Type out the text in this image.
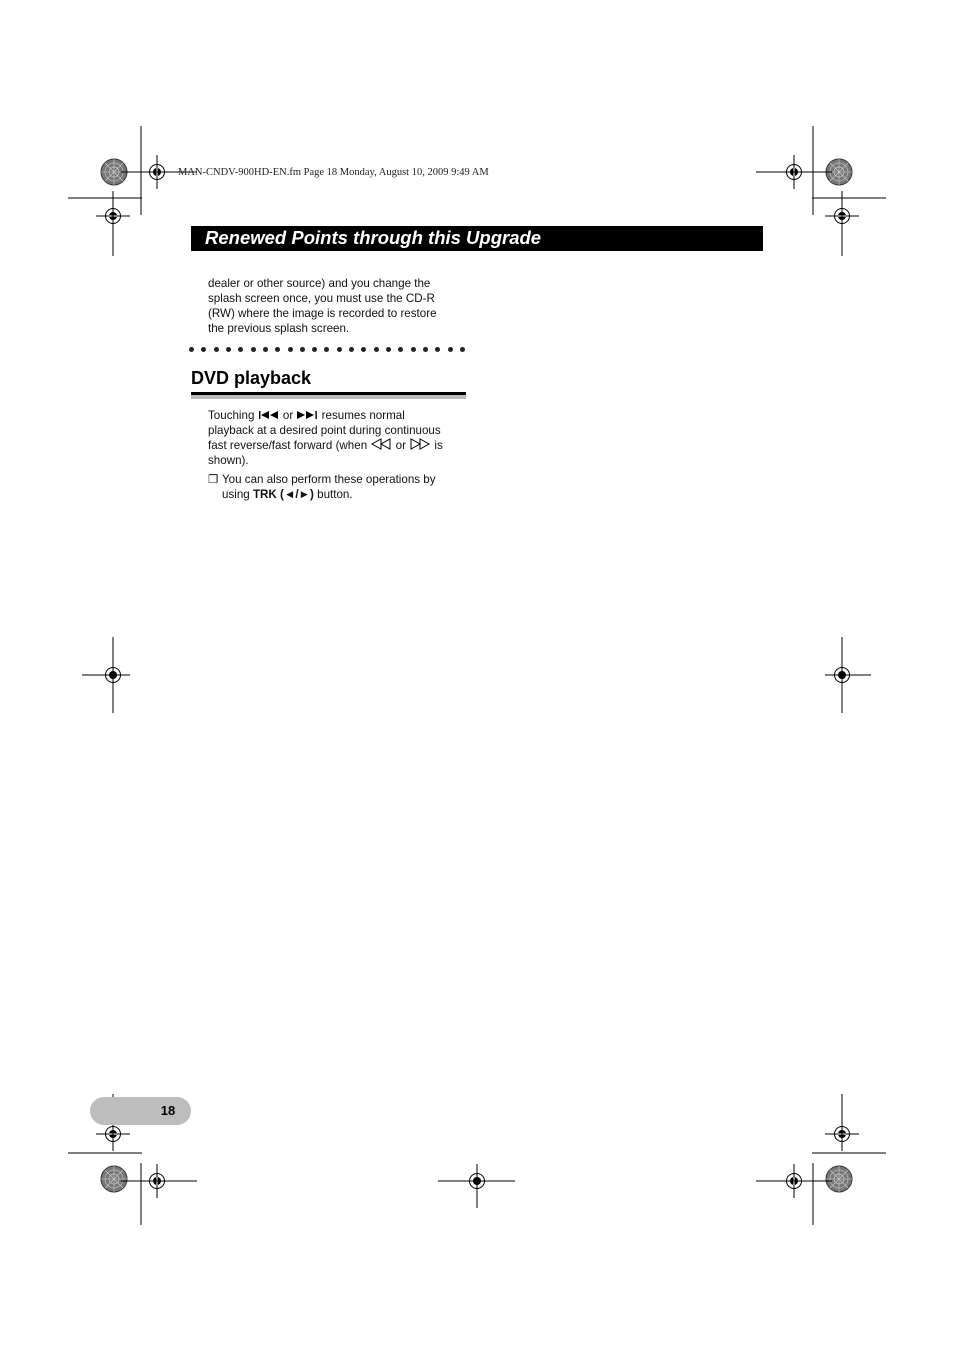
MAN-CNDV-900HD-EN.fm Page 18 Monday, August 10, 2009 9:49 AM
Renewed Points through this Upgrade
dealer or other source) and you change the
splash screen once, you must use the CD-R
(RW) where the image is recorded to restore
the previous splash screen.
DVD playback
Touching or resumes normal
playback at a desired point during continuous
fast reverse/fast forward (when or is
shown).
❐ You can also perform these operations by
using TRK (◄/►) button.
18
